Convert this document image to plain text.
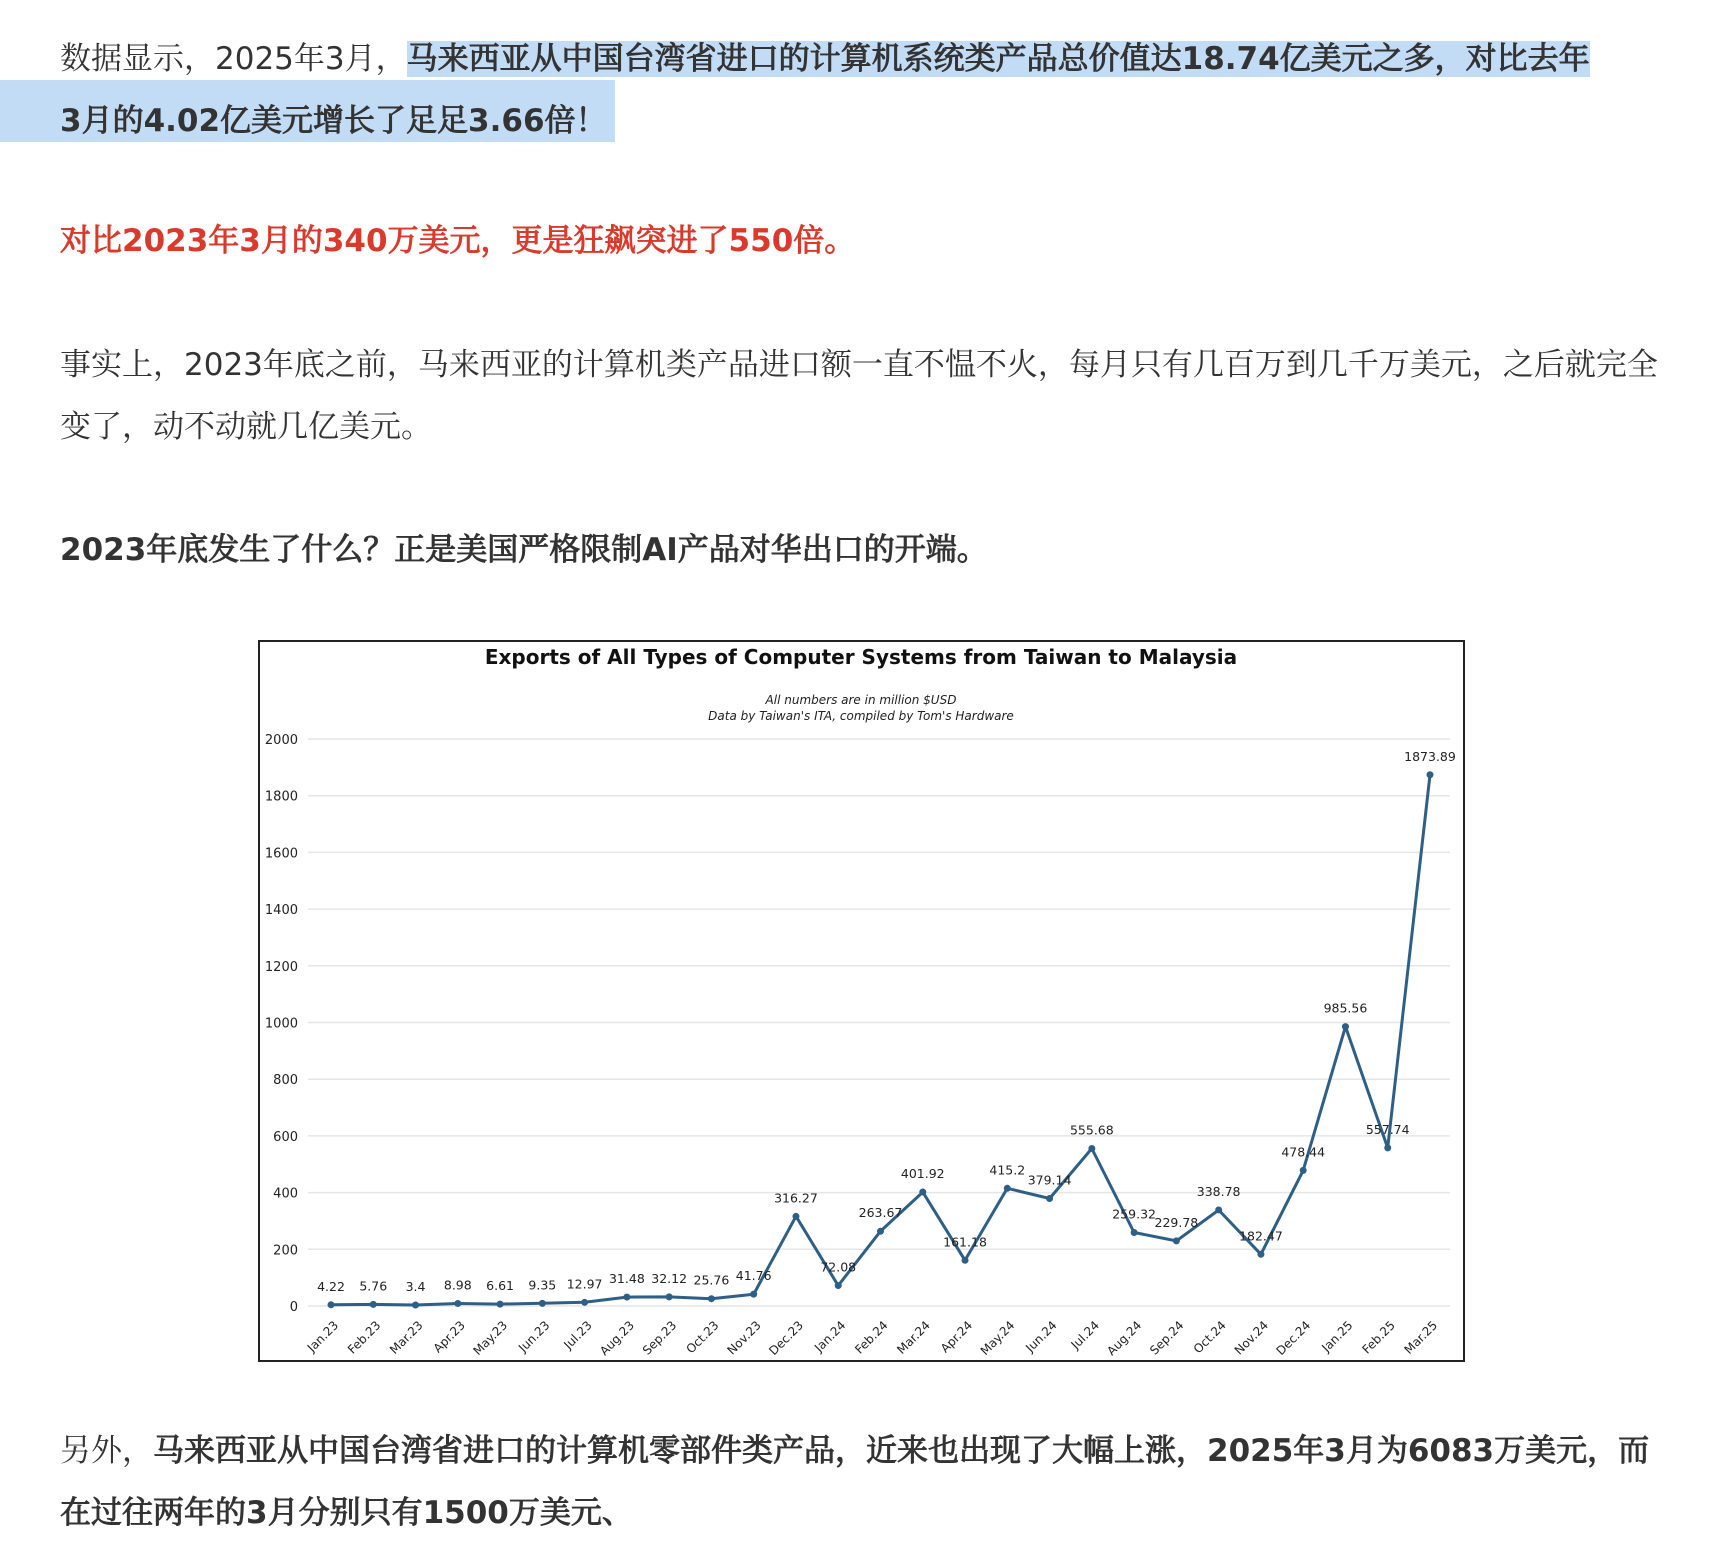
数据显示，2025年3月，马来西亚从中国台湾省进口的计算机系统类产品总价值达18.74亿美元之多，对比去年
3月的4.02亿美元增长了足足3.66倍！

对比2023年3月的340万美元，更是狂飙突进了550倍。

事实上，2023年底之前，马来西亚的计算机类产品进口额一直不愠不火，每月只有几百万到几千万美元，之后就完全变了，动不动就几亿美元。

2023年底发生了什么？正是美国严格限制AI产品对华出口的开端。

Exports of All Types of Computer Systems from Taiwan to Malaysia
All numbers are in million $USD
Data by Taiwan's ITA, compiled by Tom's Hardware
0
200
400
600
800
1000
1200
1400
1600
1800
2000
Jan.23 Feb.23 Mar.23 Apr.23 May.23 Jun.23 Jul.23 Aug.23 Sep.23 Oct.23 Nov.23 Dec.23 Jan.24 Feb.24 Mar.24 Apr.24 May.24 Jun.24 Jul.24 Aug.24 Sep.24 Oct.24 Nov.24 Dec.24 Jan.25 Feb.25 Mar.25
4.22 5.76 3.4 8.98 6.61 9.35 12.97 31.48 32.12 25.76 41.76
316.27
72.08
263.67
401.92
161.18
415.2
379.14
555.68
259.32
229.78
338.78
182.47
478.44
985.56
557.74
1873.89

另外，马来西亚从中国台湾省进口的计算机零部件类产品，近来也出现了大幅上涨，2025年3月为6083万美元，而在过往两年的3月分别只有1500万美元、
